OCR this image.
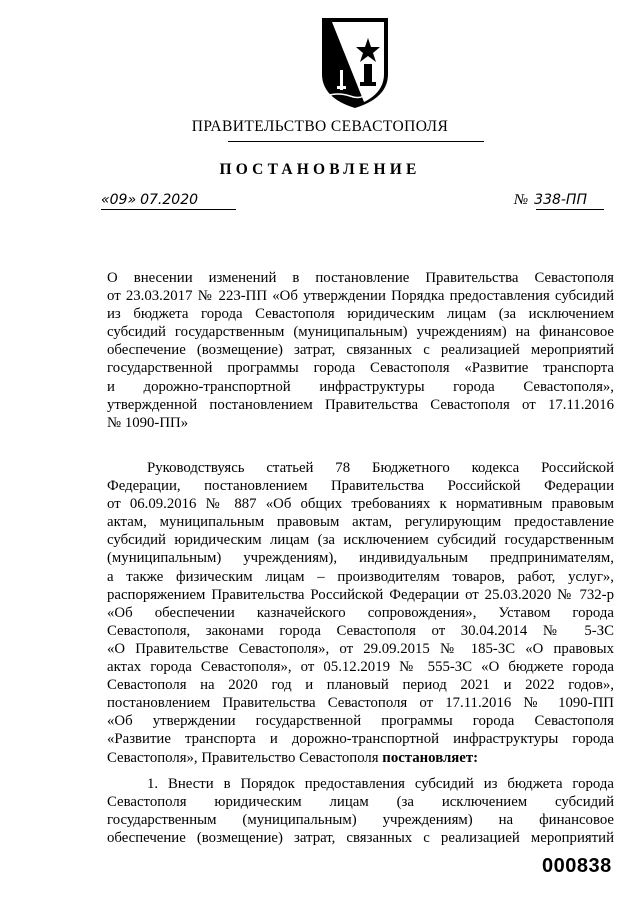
ПРАВИТЕЛЬСТВО СЕВАСТОПОЛЯ
ПОСТАНОВЛЕНИЕ
«09» 07.2020	№ 338-ПП

О внесении изменений в постановление Правительства Севастополя
от 23.03.2017 № 223-ПП «Об утверждении Порядка предоставления субсидий
из бюджета города Севастополя юридическим лицам (за исключением
субсидий государственным (муниципальным) учреждениям) на финансовое
обеспечение (возмещение) затрат, связанных с реализацией мероприятий
государственной программы города Севастополя «Развитие транспорта
и дорожно-транспортной инфраструктуры города Севастополя»,
утвержденной постановлением Правительства Севастополя от 17.11.2016
№ 1090-ПП»

Руководствуясь статьей 78 Бюджетного кодекса Российской
Федерации, постановлением Правительства Российской Федерации
от 06.09.2016 № 887 «Об общих требованиях к нормативным правовым
актам, муниципальным правовым актам, регулирующим предоставление
субсидий юридическим лицам (за исключением субсидий государственным
(муниципальным) учреждениям), индивидуальным предпринимателям,
а также физическим лицам – производителям товаров, работ, услуг»,
распоряжением Правительства Российской Федерации от 25.03.2020 № 732-р
«Об обеспечении казначейского сопровождения», Уставом города
Севастополя, законами города Севастополя от 30.04.2014 № 5-ЗС
«О Правительстве Севастополя», от 29.09.2015 № 185-ЗС «О правовых
актах города Севастополя», от 05.12.2019 № 555-ЗС «О бюджете города
Севастополя на 2020 год и плановый период 2021 и 2022 годов»,
постановлением Правительства Севастополя от 17.11.2016 № 1090-ПП
«Об утверждении государственной программы города Севастополя
«Развитие транспорта и дорожно-транспортной инфраструктуры города
Севастополя», Правительство Севастополя постановляет:

1. Внести в Порядок предоставления субсидий из бюджета города
Севастополя юридическим лицам (за исключением субсидий
государственным (муниципальным) учреждениям) на финансовое
обеспечение (возмещение) затрат, связанных с реализацией мероприятий

000838
